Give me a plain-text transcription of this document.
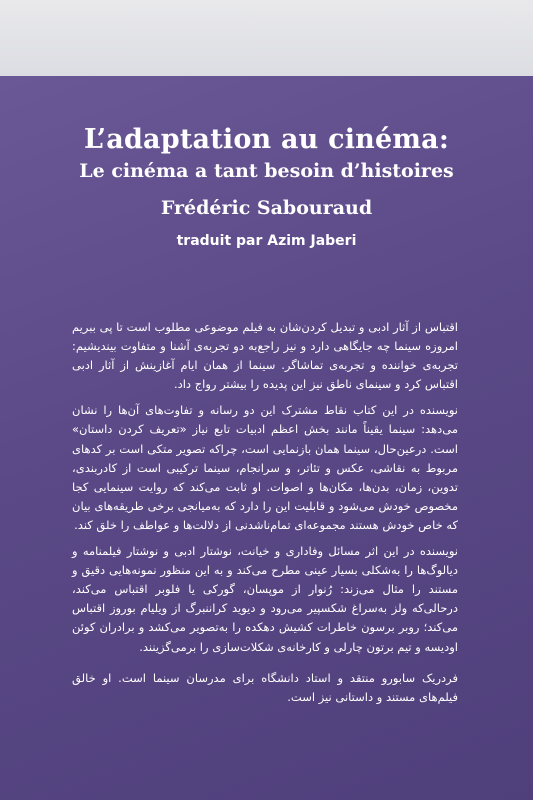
L’adaptation au cinéma:
Le cinéma a tant besoin d’histoires
Frédéric Sabouraud
traduit par Azim Jaberi

اقتباس از آثار ادبی و تبدیل کردن‌شان به فیلم موضوعی مطلوب است تا پی ببریم امروزه سینما چه جایگاهی دارد و نیز راجع‌به دو تجربه‌ی آشنا و متفاوت بیندیشیم: تجربه‌ی خواننده و تجربه‌ی تماشاگر. سینما از همان ایام آغازینش از آثار ادبی اقتباس کرد و سینمای ناطق نیز این پدیده را بیشتر رواج داد.

نویسنده در این کتاب نقاط مشترک این دو رسانه و تفاوت‌های آن‌ها را نشان می‌دهد: سینما یقیناً مانند بخش اعظم ادبیات تابع نیاز «تعریف کردن داستان» است. درعین‌حال، سینما همان بازنمایی است، چراکه تصویر متکی است بر کدهای مربوط به نقاشی، عکس و تئاتر، و سرانجام، سینما ترکیبی است از کادربندی، تدوین، زمان، بدن‌ها، مکان‌ها و اصوات. او ثابت می‌کند که روایت سینمایی کجا مخصوص خودش می‌شود و قابلیت این را دارد که به‌میانجی برخی طریقه‌های بیان که خاص خودش هستند مجموعه‌ای تمام‌ناشدنی از دلالت‌ها و عواطف را خلق کند.

نویسنده در این اثر مسائل وفاداری و خیانت، نوشتار ادبی و نوشتار فیلمنامه و دیالوگ‌ها را به‌شکلی بسیار عینی مطرح می‌کند و به این منظور نمونه‌هایی دقیق و مستند را مثال می‌زند: رُنوار از موپسان، گورکی یا فلوبر اقتباس می‌کند، درحالی‌که ولز به‌سراغ شکسپیر می‌رود و دیوید کراننبرگ از ویلیام بوروز اقتباس می‌کند؛ روبر برسون خاطرات کشیش دهکده را به‌تصویر می‌کشد و برادران کوئن اودیسه و تیم برتون چارلی و کارخانه‌ی شکلات‌سازی را برمی‌گزینند.

فردریک سابورو منتقد و استاد دانشگاه برای مدرسان سینما است. او خالق فیلم‌های مستند و داستانی نیز است.
